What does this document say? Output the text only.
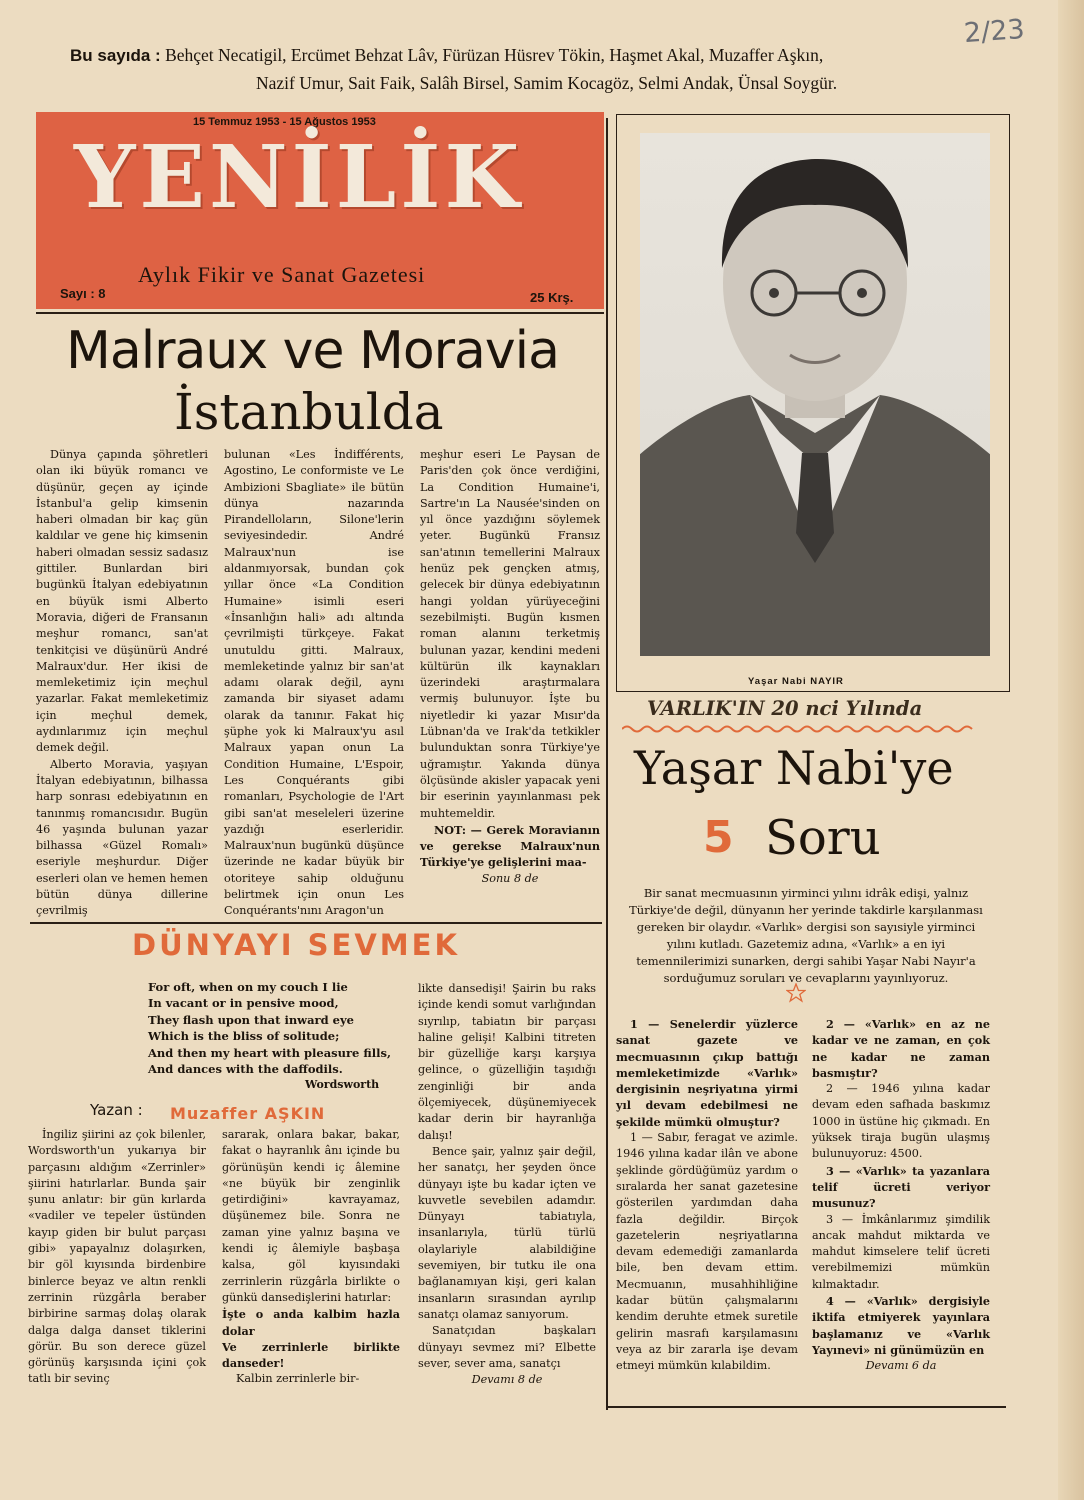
2/23
Bu sayıda : Behçet Necatigil, Ercümet Behzat Lâv, Fürüzan Hüsrev Tökin, Haşmet Akal, Muzaffer Aşkın,
Nazif Umur, Sait Faik, Salâh Birsel, Samim Kocagöz, Selmi Andak, Ünsal Soygür.
15 Temmuz 1953 - 15 Ağustos 1953
YENİLİK
Aylık Fikir ve Sanat Gazetesi
Sayı : 8	25 Krş.
Malraux ve Moravia
İstanbulda

Dünya çapında şöhretleri olan iki büyük romancı ve düşünür, geçen ay içinde İstanbul'a gelip kimsenin haberi olmadan bir kaç gün kaldılar ve gene hiç kimsenin haberi olmadan sessiz sadasız gittiler. Bunlardan biri bugünkü İtalyan edebiyatının en büyük ismi Alberto Moravia, diğeri de Fransanın meşhur romancı, san'at tenkitçisi ve düşünürü André Malraux'dur. Her ikisi de memleketimiz için meçhul yazarlar. Fakat memleketimiz için meçhul demek, aydınlarımız için meçhul demek değil.

Alberto Moravia, yaşıyan İtalyan edebiyatının, bilhassa harp sonrası edebiyatının en tanınmış romancısıdır. Bugün 46 yaşında bulunan yazar bilhassa «Güzel Romalı» eseriyle meşhurdur. Diğer eserleri olan ve hemen hemen bütün dünya dillerine çevrilmiş

bulunan «Les İndifférents, Agostino, Le conformiste ve Le Ambizioni Sbagliate» ile bütün dünya nazarında Pirandelloların, Silone'lerin seviyesindedir. André Malraux'nun ise aldanmıyorsak, bundan çok yıllar önce «La Condition Humaine» isimli eseri «İnsanlığın hali» adı altında çevrilmişti türkçeye. Fakat unutuldu gitti. Malraux, memleketinde yalnız bir san'at adamı olarak değil, aynı zamanda bir siyaset adamı olarak da tanınır. Fakat hiç şüphe yok ki Malraux'yu asıl Malraux yapan onun La Condition Humaine, L'Espoir, Les Conquérants gibi romanları, Psychologie de l'Art gibi san'at meseleleri üzerine yazdığı eserleridir. Malraux'nun bugünkü düşünce üzerinde ne kadar büyük bir otoriteye sahip olduğunu belirtmek için onun Les Conquérants'nını Aragon'un

meşhur eseri Le Paysan de Paris'den çok önce verdiğini, La Condition Humaine'i, Sartre'ın La Nausée'sinden on yıl önce yazdığını söylemek yeter. Bugünkü Fransız san'atının temellerini Malraux henüz pek gençken atmış, gelecek bir dünya edebiyatının hangi yoldan yürüyeceğini sezebilmişti. Bugün kısmen roman alanını terketmiş bulunan yazar, kendini medeni kültürün ilk kaynakları üzerindeki araştırmalara vermiş bulunuyor. İşte bu niyetledir ki yazar Mısır'da Lübnan'da ve Irak'da tetkikler bulunduktan sonra Türkiye'ye uğramıştır. Yakında dünya ölçüsünde akisler yapacak yeni bir eserinin yayınlanması pek muhtemeldir.

NOT: — Gerek Moravianın ve gerekse Malraux'nun Türkiye'ye gelişlerini maa-

Sonu 8 de

DÜNYAYI SEVMEK
For oft, when on my couch I lie
In vacant or in pensive mood,
They flash upon that inward eye
Which is the bliss of solitude;
And then my heart with pleasure fills,
And dances with the daffodils.
Wordsworth
Yazan : Muzaffer AŞKIN

İngiliz şiirini az çok bilenler, Wordsworth'un yukarıya bir parçasını aldığım «Zerrinler» şiirini hatırlarlar. Bunda şair şunu anlatır: bir gün kırlarda «vadiler ve tepeler üstünden kayıp giden bir bulut parçası gibi» yapayalnız dolaşırken, bir göl kıyısında birdenbire binlerce beyaz ve altın renkli zerrinin rüzgârla beraber birbirine sarmaş dolaş olarak dalga dalga danset tiklerini görür. Bu son derece güzel görünüş karşısında içini çok tatlı bir sevinç

sararak, onlara bakar, bakar, fakat o hayranlık ânı içinde bu görünüşün kendi iç âlemine «ne büyük bir zenginlik getirdiğini» kavrayamaz, düşünemez bile. Sonra ne zaman yine yalnız başına ve kendi iç âlemiyle başbaşa kalsa, göl kıyısındaki zerrinlerin rüzgârla birlikte o günkü dansedişlerini hatırlar:

İşte o anda kalbim hazla dolar

Ve zerrinlerle birlikte danseder!

Kalbin zerrinlerle bir-

likte dansedişi! Şairin bu raks içinde kendi somut varlığından sıyrılıp, tabiatın bir parçası haline gelişi! Kalbini titreten bir güzelliğe karşı karşıya gelince, o güzelliğin taşıdığı zenginliği bir anda ölçemiyecek, düşünemiyecek kadar derin bir hayranlığa dalışı!

Bence şair, yalnız şair değil, her sanatçı, her şeyden önce dünyayı işte bu kadar içten ve kuvvetle sevebilen adamdır. Dünyayı tabiatıyla, insanlarıyla, türlü türlü olaylariyle alabildiğine sevemiyen, bir tutku ile ona bağlanamıyan kişi, geri kalan insanların sırasından ayrılıp sanatçı olamaz sanıyorum.

Sanatçıdan başkaları dünyayı sevmez mi? Elbette sever, sever ama, sanatçı

Devamı 8 de

Yaşar Nabi NAYIR
VARLIK'IN 20 nci Yılında
Yaşar Nabi'ye
5 Soru
Bir sanat mecmuasının yirminci yılını idrâk edişi, yalnız Türkiye'de değil, dünyanın her yerinde takdirle karşılanması gereken bir olaydır. «Varlık» dergisi son sayısiyle yirminci yılını kutladı. Gazetemiz adına, «Varlık» a en iyi temennilerimizi sunarken, dergi sahibi Yaşar Nabi Nayır'a sorduğumuz soruları ve cevaplarını yayınlıyoruz.

1 — Senelerdir yüzlerce sanat gazete ve mecmuasının çıkıp battığı memleketimizde «Varlık» dergisinin neşriyatına yirmi yıl devam edebilmesi ne şekilde mümkü olmuştur?

1 — Sabır, feragat ve azimle. 1946 yılına kadar ilân ve abone şeklinde gördüğümüz yardım o sıralarda her sanat gazetesine gösterilen yardımdan daha fazla değildir. Birçok gazetelerin neşriyatlarına devam edemediği zamanlarda bile, ben devam ettim. Mecmuanın, musahhihliğine kadar bütün çalışmalarını kendim deruhte etmek suretile gelirin masrafı karşılamasını veya az bir zararla işe devam etmeyi mümkün kılabildim.

2 — «Varlık» en az ne kadar ve ne zaman, en çok ne kadar ne zaman basmıştır?

2 — 1946 yılına kadar devam eden safhada baskımız 1000 in üstüne hiç çıkmadı. En yüksek tiraja bugün ulaşmış bulunuyoruz: 4500.

3 — «Varlık» ta yazanlara telif ücreti veriyor musunuz?

3 — İmkânlarımız şimdilik ancak mahdut miktarda ve mahdut kimselere telif ücreti verebilmemizi mümkün kılmaktadır.

4 — «Varlık» dergisiyle iktifa etmiyerek yayınlara başlamanız ve «Varlık Yayınevi» ni günümüzün en

Devamı 6 da
